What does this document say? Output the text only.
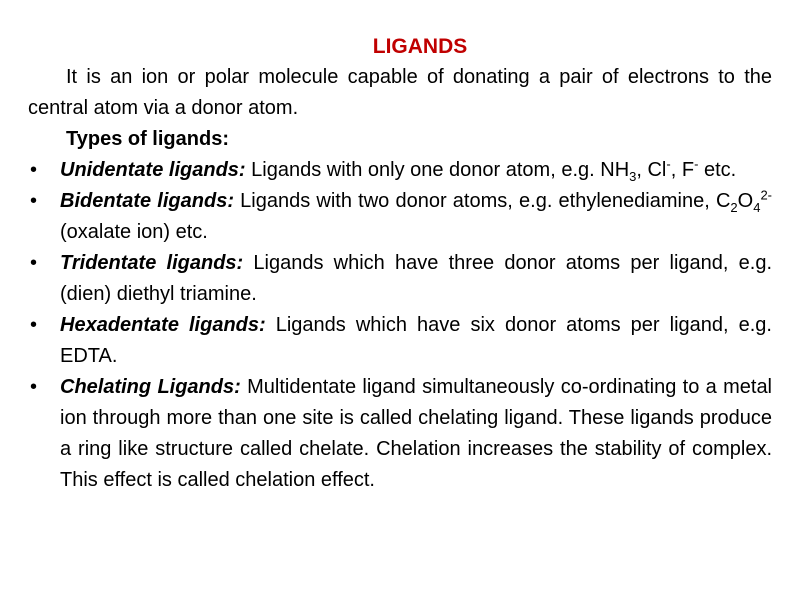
LIGANDS
It is an ion or polar molecule capable of donating a pair of electrons to the central atom via a donor atom.
Types of ligands:
• Unidentate ligands: Ligands with only one donor atom, e.g. $NH_3$, Cl-, F- etc.
• Bidentate ligands: Ligands with two donor atoms, e.g. ethylenediamine, $C_2O_4^{2-}(oxalate$ ion) etc.
• Tridentate ligands: Ligands which have three donor atoms per ligand, e.g. (dien) diethyl triamine.
• Hexadentate ligands: Ligands which have six donor atoms per ligand, e.g. EDTA.
• Chelating Ligands: Multidentate ligand simultaneously co-ordinating to a metal ion through more than one site is called chelating ligand. These ligands produce a ring like structure called chelate. Chelation increases the stability of complex. This effect is called chelation effect.
